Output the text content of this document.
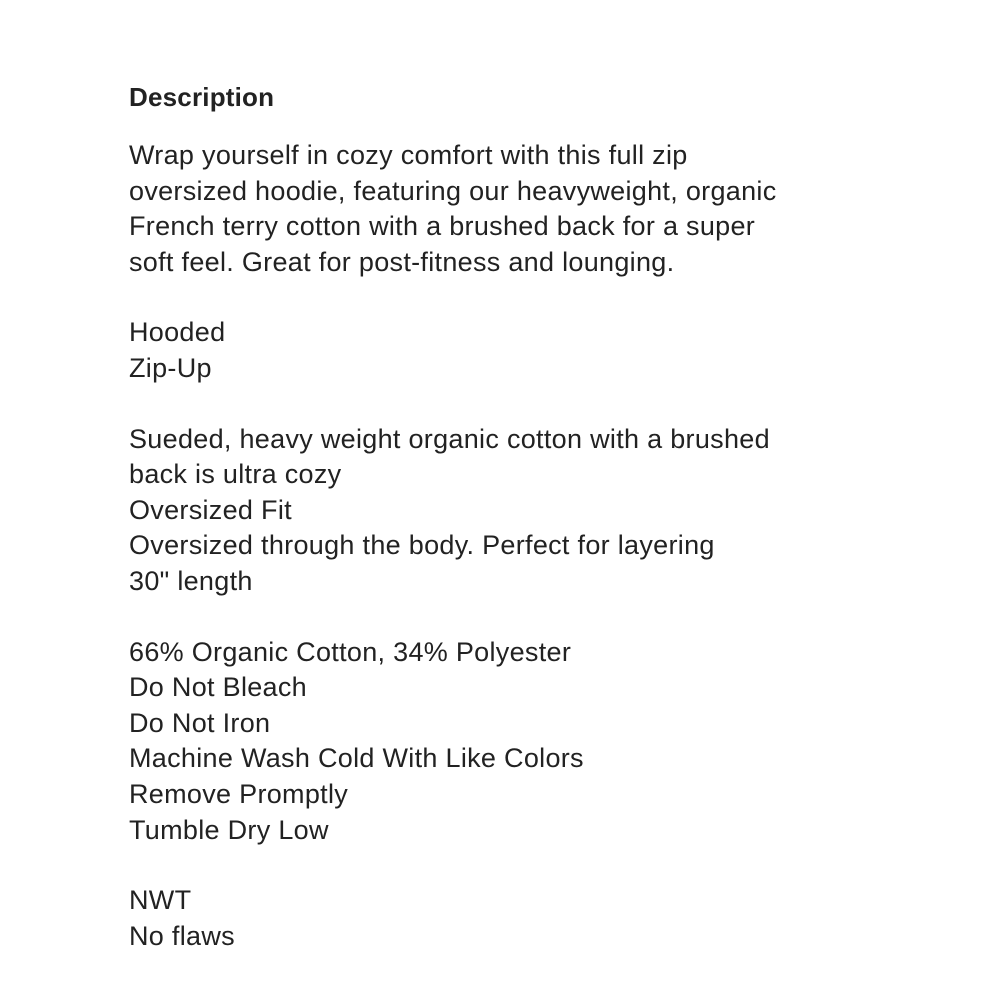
Description
Wrap yourself in cozy comfort with this full zip
oversized hoodie, featuring our heavyweight, organic
French terry cotton with a brushed back for a super
soft feel. Great for post-fitness and lounging.
Hooded
Zip-Up
Sueded, heavy weight organic cotton with a brushed
back is ultra cozy
Oversized Fit
Oversized through the body. Perfect for layering
30" length
66% Organic Cotton, 34% Polyester
Do Not Bleach
Do Not Iron
Machine Wash Cold With Like Colors
Remove Promptly
Tumble Dry Low
NWT
No flaws
